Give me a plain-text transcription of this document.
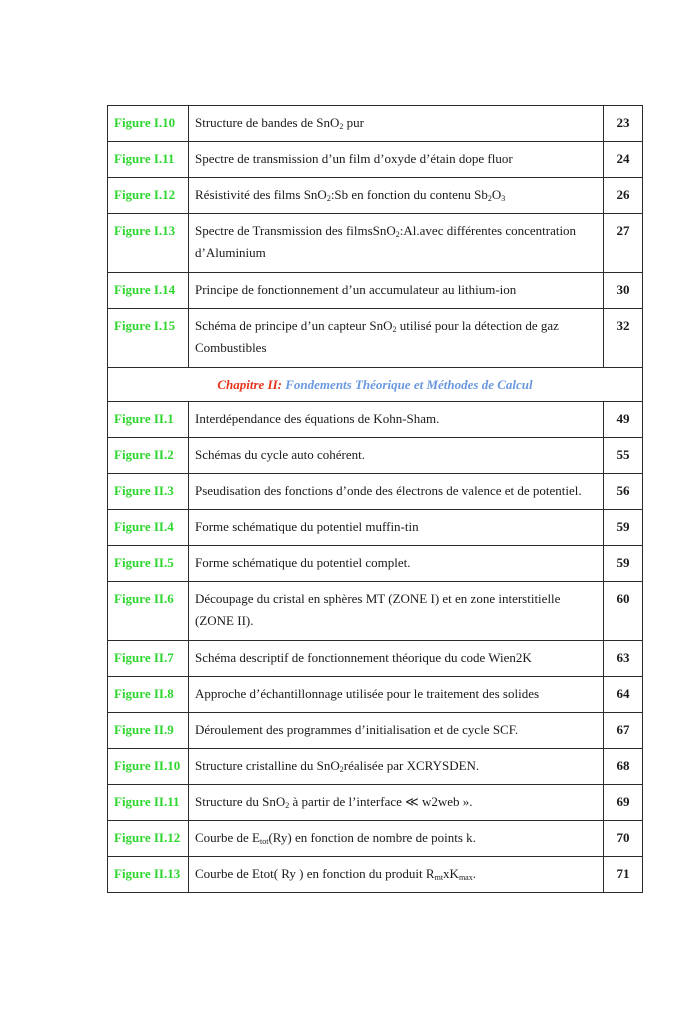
Figure I.10	Structure de bandes de SnO$_2$ pur	23
Figure I.11	Spectre de transmission d’un film d’oxyde d’étain dope fluor	24
Figure I.12	Résistivité des films SnO$_2$:Sb en fonction du contenu $Sb_2O_3$	26
Figure I.13	Spectre de Transmission des filmsSnO$_2$:Al.avec différentes concentration d’Aluminium	27
Figure I.14	Principe de fonctionnement d’un accumulateur au lithium-ion	30
Figure I.15	Schéma de principe d’un capteur SnO$_2$ utilisé pour la détection de gaz Combustibles	32
Chapitre II: Fondements Théorique et Méthodes de Calcul		
Figure II.1	Interdépendance des équations de Kohn-Sham.	49
Figure II.2	Schémas du cycle auto cohérent.	55
Figure II.3	Pseudisation des fonctions d’onde des électrons de valence et de potentiel.	56
Figure II.4	Forme schématique du potentiel muffin-tin	59
Figure II.5	Forme schématique du potentiel complet.	59
Figure II.6	Découpage du cristal en sphères MT (ZONE I) et en zone interstitielle (ZONE II).	60
Figure II.7	Schéma descriptif de fonctionnement théorique du code Wien2K	63
Figure II.8	Approche d’échantillonnage utilisée pour le traitement des solides	64
Figure II.9	Déroulement des programmes d’initialisation et de cycle SCF.	67
Figure II.10	Structure cristalline du SnO$_2$réalisée par XCRYSDEN.	68
Figure II.11	Structure du SnO$_2$ à partir de l’interface ≪ w2web ».	69
Figure II.12	Courbe de $E_{tot}(Ry)$ en fonction de nombre de points k.	70
Figure II.13	Courbe de Etot( Ry ) en fonction du produit $R_{mt}xK_{max}$.	71
